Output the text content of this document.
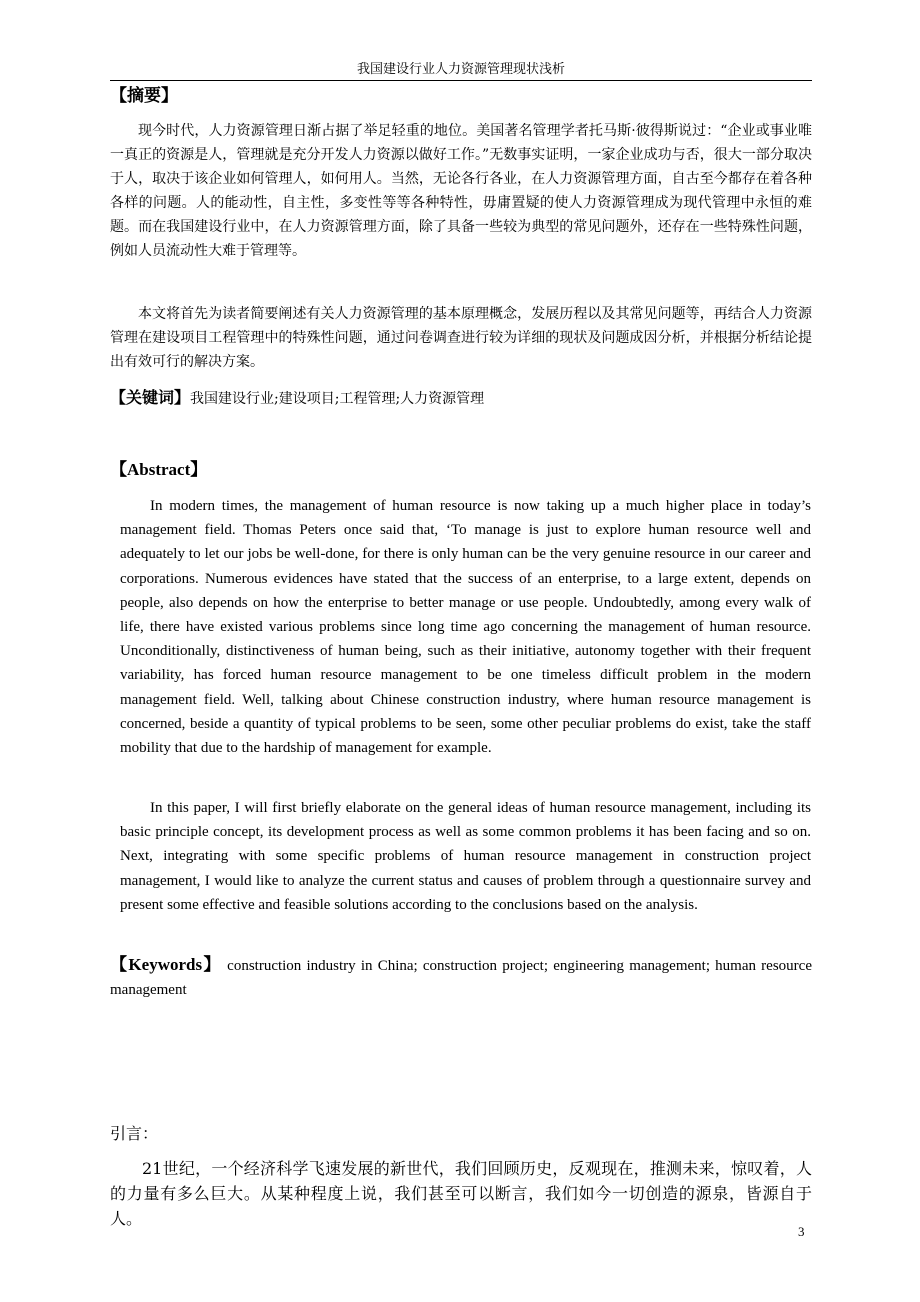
我国建设行业人力资源管理现状浅析
【摘要】

现今时代，人力资源管理日渐占据了举足轻重的地位。美国著名管理学者托马斯·彼得斯说过：“企业或事业唯一真正的资源是人，管理就是充分开发人力资源以做好工作。”无数事实证明，一家企业成功与否，很大一部分取决于人，取决于该企业如何管理人，如何用人。当然，无论各行各业，在人力资源管理方面，自古至今都存在着各种各样的问题。人的能动性，自主性，多变性等等各种特性，毋庸置疑的使人力资源管理成为现代管理中永恒的难题。而在我国建设行业中，在人力资源管理方面，除了具备一些较为典型的常见问题外，还存在一些特殊性问题，例如人员流动性大难于管理等。

本文将首先为读者简要阐述有关人力资源管理的基本原理概念，发展历程以及其常见问题等，再结合人力资源管理在建设项目工程管理中的特殊性问题，通过问卷调查进行较为详细的现状及问题成因分析，并根据分析结论提出有效可行的解决方案。

【关键词】我国建设行业;建设项目;工程管理;人力资源管理
【Abstract】

In modern times, the management of human resource is now taking up a much higher place in today’s management field. Thomas Peters once said that, ‘To manage is just to explore human resource well and adequately to let our jobs be well-done, for there is only human can be the very genuine resource in our career and corporations. Numerous evidences have stated that the success of an enterprise, to a large extent, depends on people, also depends on how the enterprise to better manage or use people. Undoubtedly, among every walk of life, there have existed various problems since long time ago concerning the management of human resource. Unconditionally, distinctiveness of human being, such as their initiative, autonomy together with their frequent variability, has forced human resource management to be one timeless difficult problem in the modern management field. Well, talking about Chinese construction industry, where human resource management is concerned, beside a quantity of typical problems to be seen, some other peculiar problems do exist, take the staff mobility that due to the hardship of management for example.

In this paper, I will first briefly elaborate on the general ideas of human resource management, including its basic principle concept, its development process as well as some common problems it has been facing and so on. Next, integrating with some specific problems of human resource management in construction project management, I would like to analyze the current status and causes of problem through a questionnaire survey and present some effective and feasible solutions according to the conclusions based on the analysis.

【Keywords】 construction industry in China; construction project; engineering management; human resource management
引言：

21世纪，一个经济科学飞速发展的新世代，我们回顾历史，反观现在，推测未来，惊叹着，人的力量有多么巨大。从某种程度上说，我们甚至可以断言，我们如今一切创造的源泉，皆源自于人。

3
